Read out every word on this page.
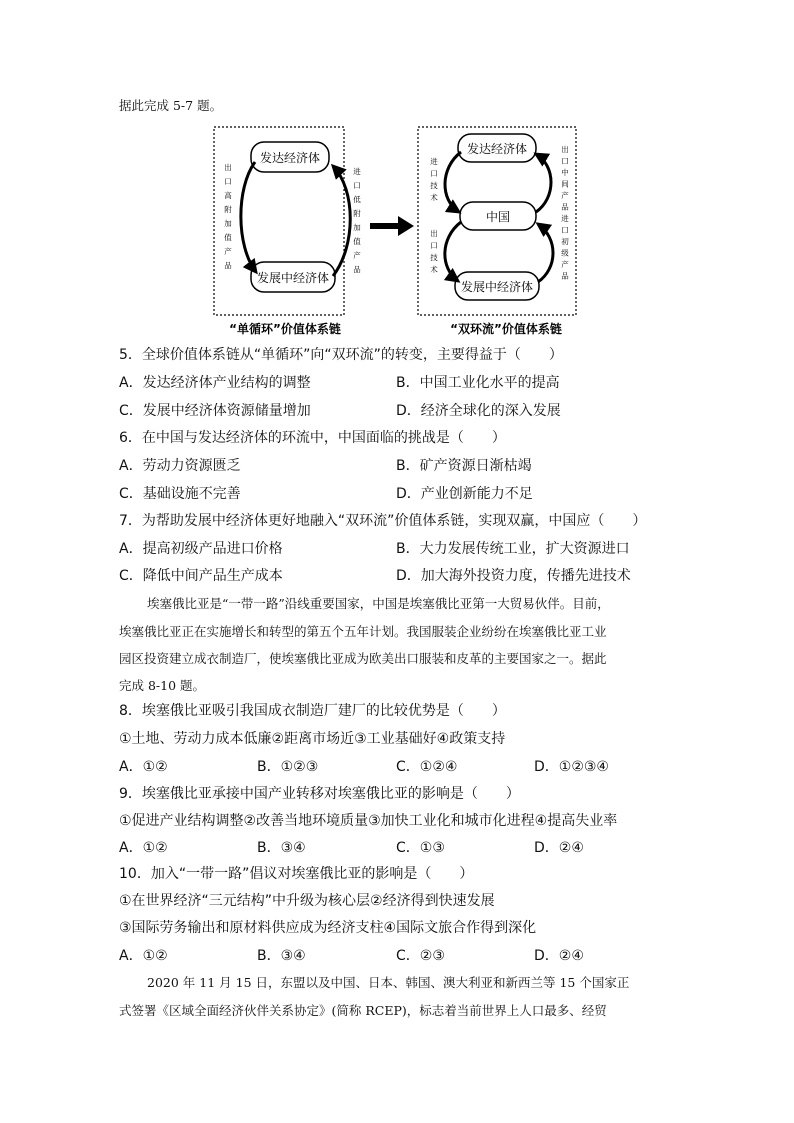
据此完成 5-7 题。
发达经济体
发展中经济体
出
口
高
附
加
值
产
品
进
口
低
附
加
值
产
品
发达经济体
中国
发展中经济体
进
口
技
术
出
口
技
术
出
口
中
间
产
品
进
口
初
级
产
品
“单循环”价值体系链	“双环流”价值体系链
5．全球价值体系链从“单循环”向“双环流”的转变，主要得益于（　　）
A．发达经济体产业结构的调整	B．中国工业化水平的提高
C．发展中经济体资源储量增加	D．经济全球化的深入发展
6．在中国与发达经济体的环流中，中国面临的挑战是（　　）
A．劳动力资源匮乏	B．矿产资源日渐枯竭
C．基础设施不完善	D．产业创新能力不足
7．为帮助发展中经济体更好地融入“双环流”价值体系链，实现双赢，中国应（　　）
A．提高初级产品进口价格	B．大力发展传统工业，扩大资源进口
C．降低中间产品生产成本	D．加大海外投资力度，传播先进技术
埃塞俄比亚是“一带一路”沿线重要国家，中国是埃塞俄比亚第一大贸易伙伴。目前，
埃塞俄比亚正在实施增长和转型的第五个五年计划。我国服装企业纷纷在埃塞俄比亚工业
园区投资建立成衣制造厂，使埃塞俄比亚成为欧美出口服装和皮革的主要国家之一。据此
完成 8-10 题。
8．埃塞俄比亚吸引我国成衣制造厂建厂的比较优势是（　　）
①土地、劳动力成本低廉②距离市场近③工业基础好④政策支持
A．①②	B．①②③	C．①②④	D．①②③④
9．埃塞俄比亚承接中国产业转移对埃塞俄比亚的影响是（　　）
①促进产业结构调整②改善当地环境质量③加快工业化和城市化进程④提高失业率
A．①②	B．③④	C．①③	D．②④
10．加入“一带一路”倡议对埃塞俄比亚的影响是（　　）
①在世界经济“三元结构”中升级为核心层②经济得到快速发展
③国际劳务输出和原材料供应成为经济支柱④国际文旅合作得到深化
A．①②	B．③④	C．②③	D．②④
2020 年 11 月 15 日，东盟以及中国、日本、韩国、澳大利亚和新西兰等 15 个国家正
式签署《区域全面经济伙伴关系协定》(简称 RCEP)，标志着当前世界上人口最多、经贸
